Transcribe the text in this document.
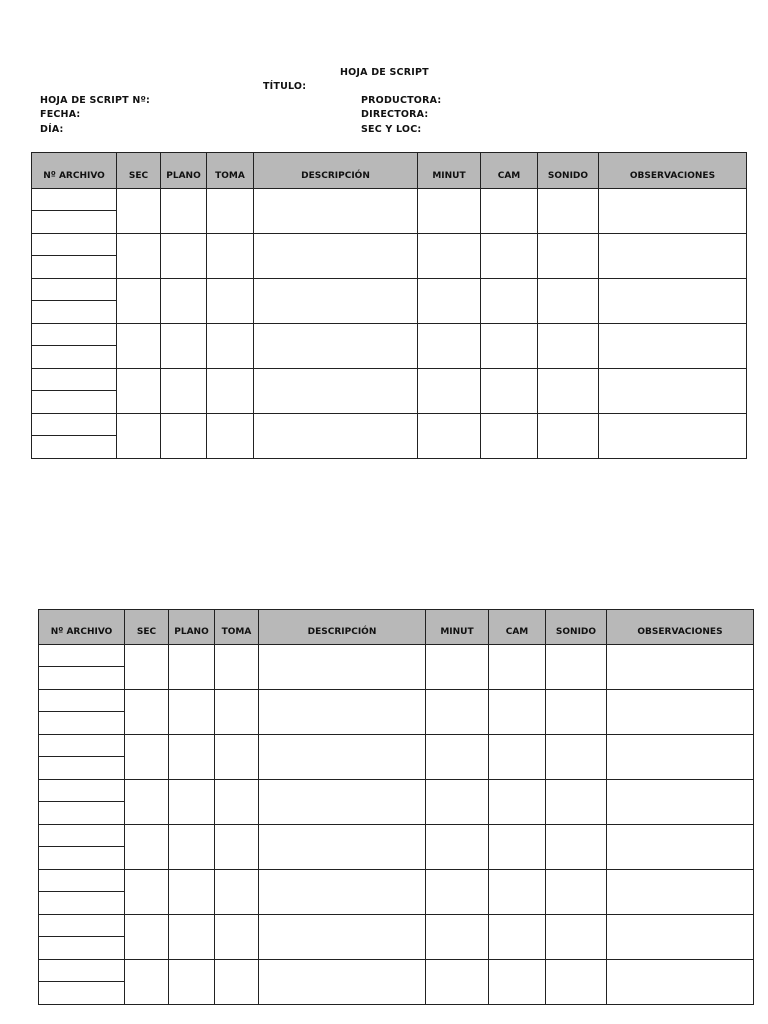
HOJA DE SCRIPT
TÍTULO:
HOJA DE SCRIPT Nº:
FECHA:
DÍA:
PRODUCTORA:
DIRECTORA:
SEC Y LOC:
Nº ARCHIVO	SEC	PLANO	TOMA	DESCRIPCIÓN	MINUT	CAM	SONIDO	OBSERVACIONES

Nº ARCHIVO	SEC	PLANO	TOMA	DESCRIPCIÓN	MINUT	CAM	SONIDO	OBSERVACIONES
